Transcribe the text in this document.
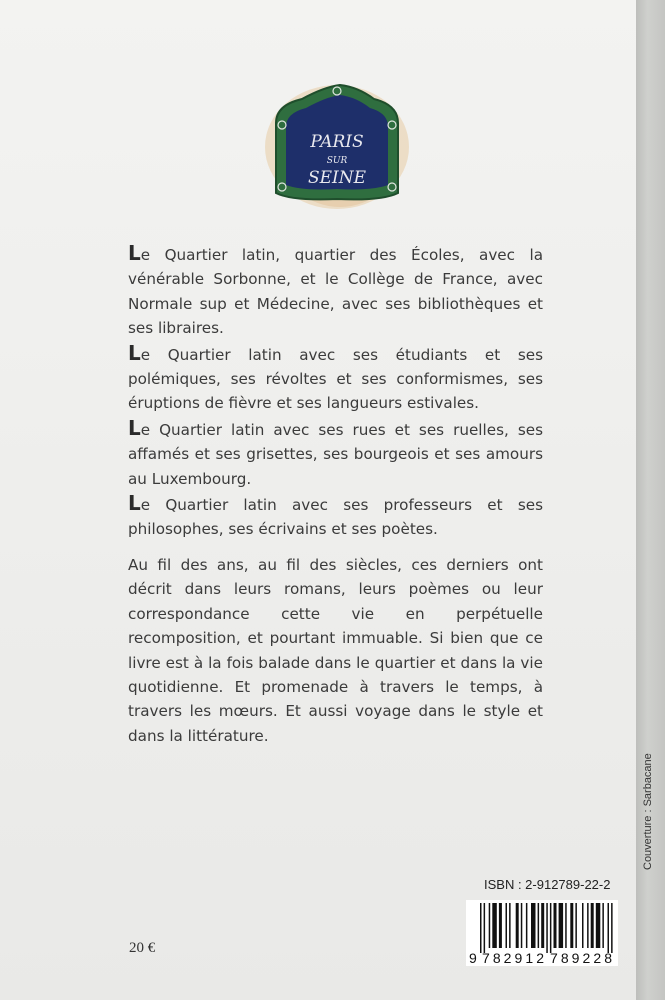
PARIS
SUR
SEINE

Le Quartier latin, quartier des Écoles, avec la vénérable Sorbonne, et le Collège de France, avec Normale sup et Médecine, avec ses bibliothèques et ses libraires.

Le Quartier latin avec ses étudiants et ses polémiques, ses révoltes et ses conformismes, ses éruptions de fièvre et ses langueurs estivales.

Le Quartier latin avec ses rues et ses ruelles, ses affamés et ses grisettes, ses bourgeois et ses amours au Luxembourg.

Le Quartier latin avec ses professeurs et ses philosophes, ses écrivains et ses poètes.

Au fil des ans, au fil des siècles, ces derniers ont décrit dans leurs romans, leurs poèmes ou leur correspondance cette vie en perpétuelle recomposition, et pourtant immuable. Si bien que ce livre est à la fois balade dans le quartier et dans la vie quotidienne. Et promenade à travers le temps, à travers les mœurs. Et aussi voyage dans le style et dans la littérature.

ISBN : 2-912789-22-2
9 782912 789228
20 €
Couverture : Sarbacane
